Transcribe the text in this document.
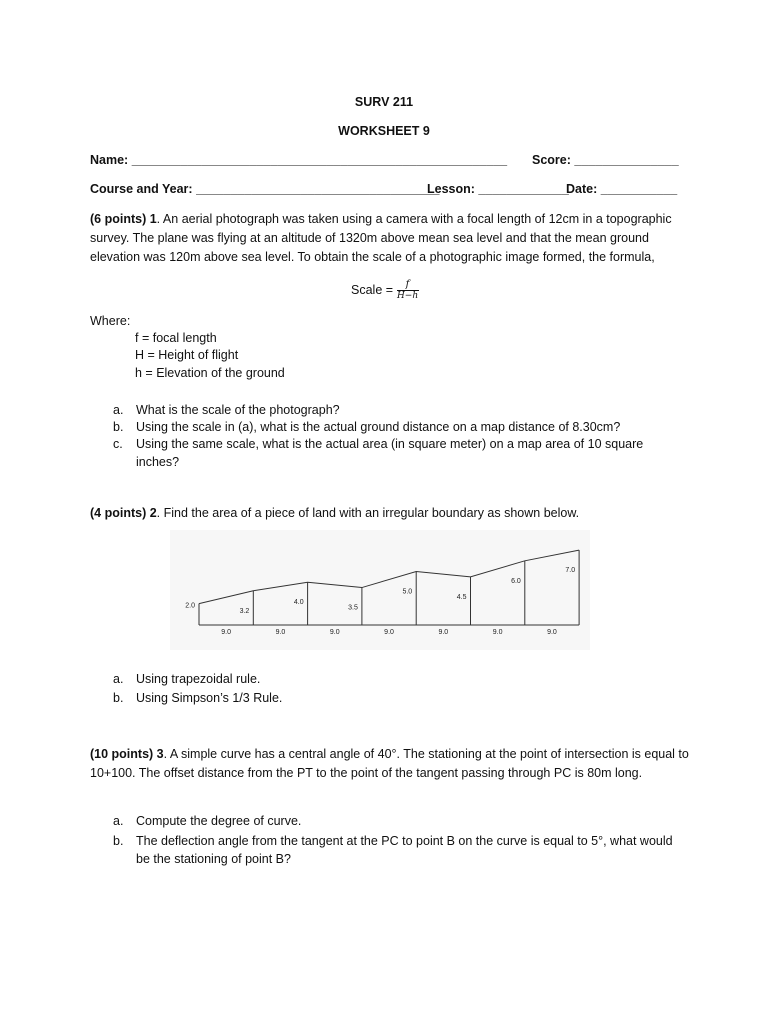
SURV 211
WORKSHEET 9
Name: ______________________________________________________ Score: _______________
Course and Year: ___________________________________
Lesson: _____________
Date: ___________
(6 points) 1. An aerial photograph was taken using a camera with a focal length of 12cm in a topographic survey. The plane was flying at an altitude of 1320m above mean sea level and that the mean ground elevation was 120m above sea level. To obtain the scale of a photographic image formed, the formula,
Scale = $\frac{f}{H-h}$
Where:
f = focal length
H = Height of flight
h = Elevation of the ground
a. What is the scale of the photograph?
b. Using the scale in (a), what is the actual ground distance on a map distance of 8.30cm?
c. Using the same scale, what is the actual area (in square meter) on a map area of 10 square inches?
(4 points) 2. Find the area of a piece of land with an irregular boundary as shown below.
2.0
3.2
4.0
3.5
5.0
4.5
6.0
7.0
9.0	9.0	9.0	9.0	9.0	9.0	9.0
a. Using trapezoidal rule.
b. Using Simpson’s 1/3 Rule.
(10 points) 3. A simple curve has a central angle of 40°. The stationing at the point of intersection is equal to 10+100. The offset distance from the PT to the point of the tangent passing through PC is 80m long.
a. Compute the degree of curve.
b. The deflection angle from the tangent at the PC to point B on the curve is equal to 5°, what would be the stationing of point B?
